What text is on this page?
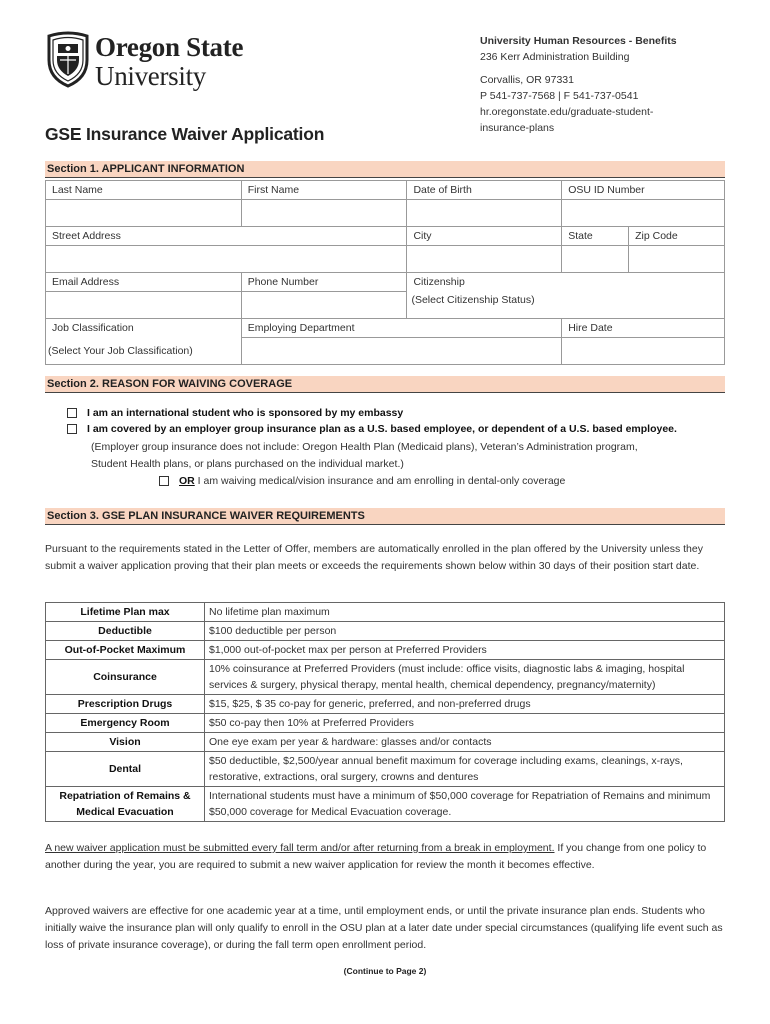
Oregon State
University
University Human Resources - Benefits
236 Kerr Administration Building
Corvallis, OR 97331
P 541-737-7568 | F 541-737-0541
hr.oregonstate.edu/graduate-student-
insurance-plans
GSE Insurance Waiver Application
Section 1. APPLICANT INFORMATION
Last Name	First Name	Date of Birth	OSU ID Number	

Street Address		City	State	Zip Code

Email Address	Phone Number	Citizenship		
		(Select Citizenship Status)		
Job Classification	Employing Department		Hire Date	
(Select Your Job Classification)				
Section 2. REASON FOR WAIVING COVERAGE
I am an international student who is sponsored by my embassy
I am covered by an employer group insurance plan as a U.S. based employee, or dependent of a U.S. based employee.
(Employer group insurance does not include: Oregon Health Plan (Medicaid plans), Veteran’s Administration program,
Student Health plans, or plans purchased on the individual market.)
OR I am waiving medical/vision insurance and am enrolling in dental-only coverage
Section 3. GSE PLAN INSURANCE WAIVER REQUIREMENTS
Pursuant to the requirements stated in the Letter of Offer, members are automatically enrolled in the plan offered by the University unless they submit a waiver application proving that their plan meets or exceeds the requirements shown below within 30 days of their position start date.
Lifetime Plan max	No lifetime plan maximum
Deductible	$100 deductible per person
Out-of-Pocket Maximum	$1,000 out-of-pocket max per person at Preferred Providers
Coinsurance	10% coinsurance at Preferred Providers (must include: office visits, diagnostic labs & imaging, hospital services & surgery, physical therapy, mental health, chemical dependency, pregnancy/maternity)
Prescription Drugs	$15, $25, $ 35 co-pay for generic, preferred, and non-preferred drugs
Emergency Room	$50 co-pay then 10% at Preferred Providers
Vision	One eye exam per year & hardware: glasses and/or contacts
Dental	$50 deductible, $2,500/year annual benefit maximum for coverage including exams, cleanings, x-rays, restorative, extractions, oral surgery, crowns and dentures
Repatriation of Remains & Medical Evacuation	International students must have a minimum of $50,000 coverage for Repatriation of Remains and minimum $50,000 coverage for Medical Evacuation coverage.
A new waiver application must be submitted every fall term and/or after returning from a break in employment. If you change from one policy to another during the year, you are required to submit a new waiver application for review the month it becomes effective.
Approved waivers are effective for one academic year at a time, until employment ends, or until the private insurance plan ends. Students who initially waive the insurance plan will only qualify to enroll in the OSU plan at a later date under special circumstances (qualifying life event such as loss of private insurance coverage), or during the fall term open enrollment period.
(Continue to Page 2)
